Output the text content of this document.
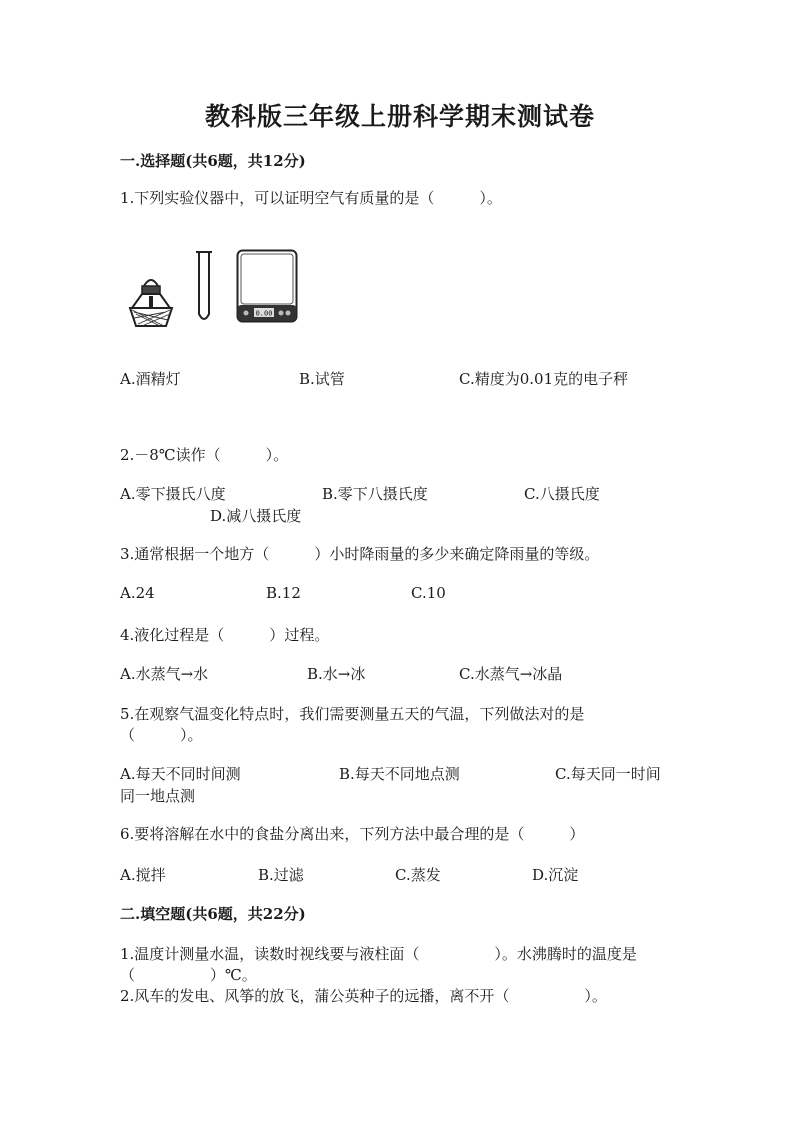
教科版三年级上册科学期末测试卷
一.选择题(共6题，共12分)
1.下列实验仪器中，可以证明空气有质量的是（　　　）。
0.00
A.酒精灯	B.试管	C.精度为0.01克的电子秤
2.－8℃读作（　　　）。
A.零下摄氏八度	B.零下八摄氏度	C.八摄氏度
D.减八摄氏度
3.通常根据一个地方（　　　）小时降雨量的多少来确定降雨量的等级。
A.24	B.12	C.10
4.液化过程是（　　　）过程。
A.水蒸气→水	B.水→冰	C.水蒸气→冰晶
5.在观察气温变化特点时，我们需要测量五天的气温，下列做法对的是
（　　　）。
A.每天不同时间测	B.每天不同地点测	C.每天同一时间
同一地点测
6.要将溶解在水中的食盐分离出来，下列方法中最合理的是（　　　）
A.搅拌	B.过滤	C.蒸发	D.沉淀
二.填空题(共6题，共22分)
1.温度计测量水温，读数时视线要与液柱面（　　　　　）。水沸腾时的温度是
（　　　　　）℃。
2.风车的发电、风筝的放飞，蒲公英种子的远播，离不开（　　　　　）。
